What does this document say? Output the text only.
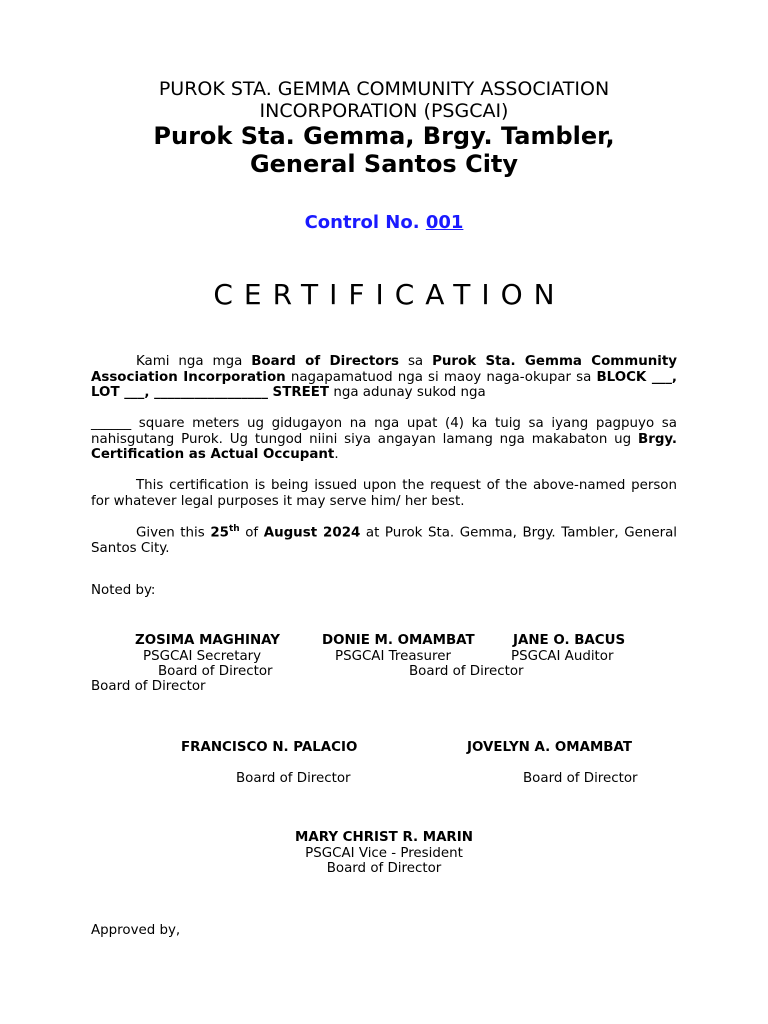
PUROK STA. GEMMA COMMUNITY ASSOCIATION
INCORPORATION (PSGCAI)
Purok Sta. Gemma, Brgy. Tambler,
General Santos City
Control No. 001
CERTIFICATION
Kami nga mga Board of Directors sa Purok Sta. Gemma Community Association Incorporation nagapamatuod nga si maoy naga-okupar sa BLOCK ___, LOT ___, _________________ STREET nga adunay sukod nga
______ square meters ug gidugayon na nga upat (4) ka tuig sa iyang pagpuyo sa nahisgutang Purok. Ug tungod niini siya angayan lamang nga makabaton ug Brgy. Certification as Actual Occupant.
This certification is being issued upon the request of the above-named person for whatever legal purposes it may serve him/ her best.
Given this 25th of August 2024 at Purok Sta. Gemma, Brgy. Tambler, General Santos City.
Noted by:
ZOSIMA MAGHINAY	DONIE M. OMAMBAT	JANE O. BACUS
PSGCAI Secretary	PSGCAI Treasurer	PSGCAI Auditor
Board of Director	Board of Director
Board of Director
FRANCISCO N. PALACIO	JOVELYN A. OMAMBAT
Board of Director	Board of Director
MARY CHRIST R. MARIN
PSGCAI Vice - President
Board of Director
Approved by,
